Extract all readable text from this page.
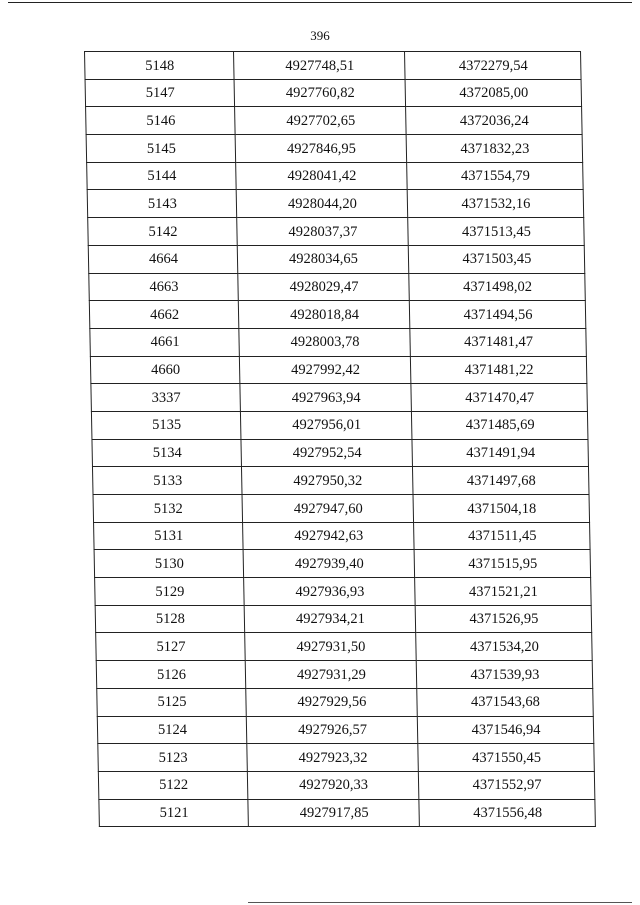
396
5148	4927748,51	4372279,54
5147	4927760,82	4372085,00
5146	4927702,65	4372036,24
5145	4927846,95	4371832,23
5144	4928041,42	4371554,79
5143	4928044,20	4371532,16
5142	4928037,37	4371513,45
4664	4928034,65	4371503,45
4663	4928029,47	4371498,02
4662	4928018,84	4371494,56
4661	4928003,78	4371481,47
4660	4927992,42	4371481,22
3337	4927963,94	4371470,47
5135	4927956,01	4371485,69
5134	4927952,54	4371491,94
5133	4927950,32	4371497,68
5132	4927947,60	4371504,18
5131	4927942,63	4371511,45
5130	4927939,40	4371515,95
5129	4927936,93	4371521,21
5128	4927934,21	4371526,95
5127	4927931,50	4371534,20
5126	4927931,29	4371539,93
5125	4927929,56	4371543,68
5124	4927926,57	4371546,94
5123	4927923,32	4371550,45
5122	4927920,33	4371552,97
5121	4927917,85	4371556,48
